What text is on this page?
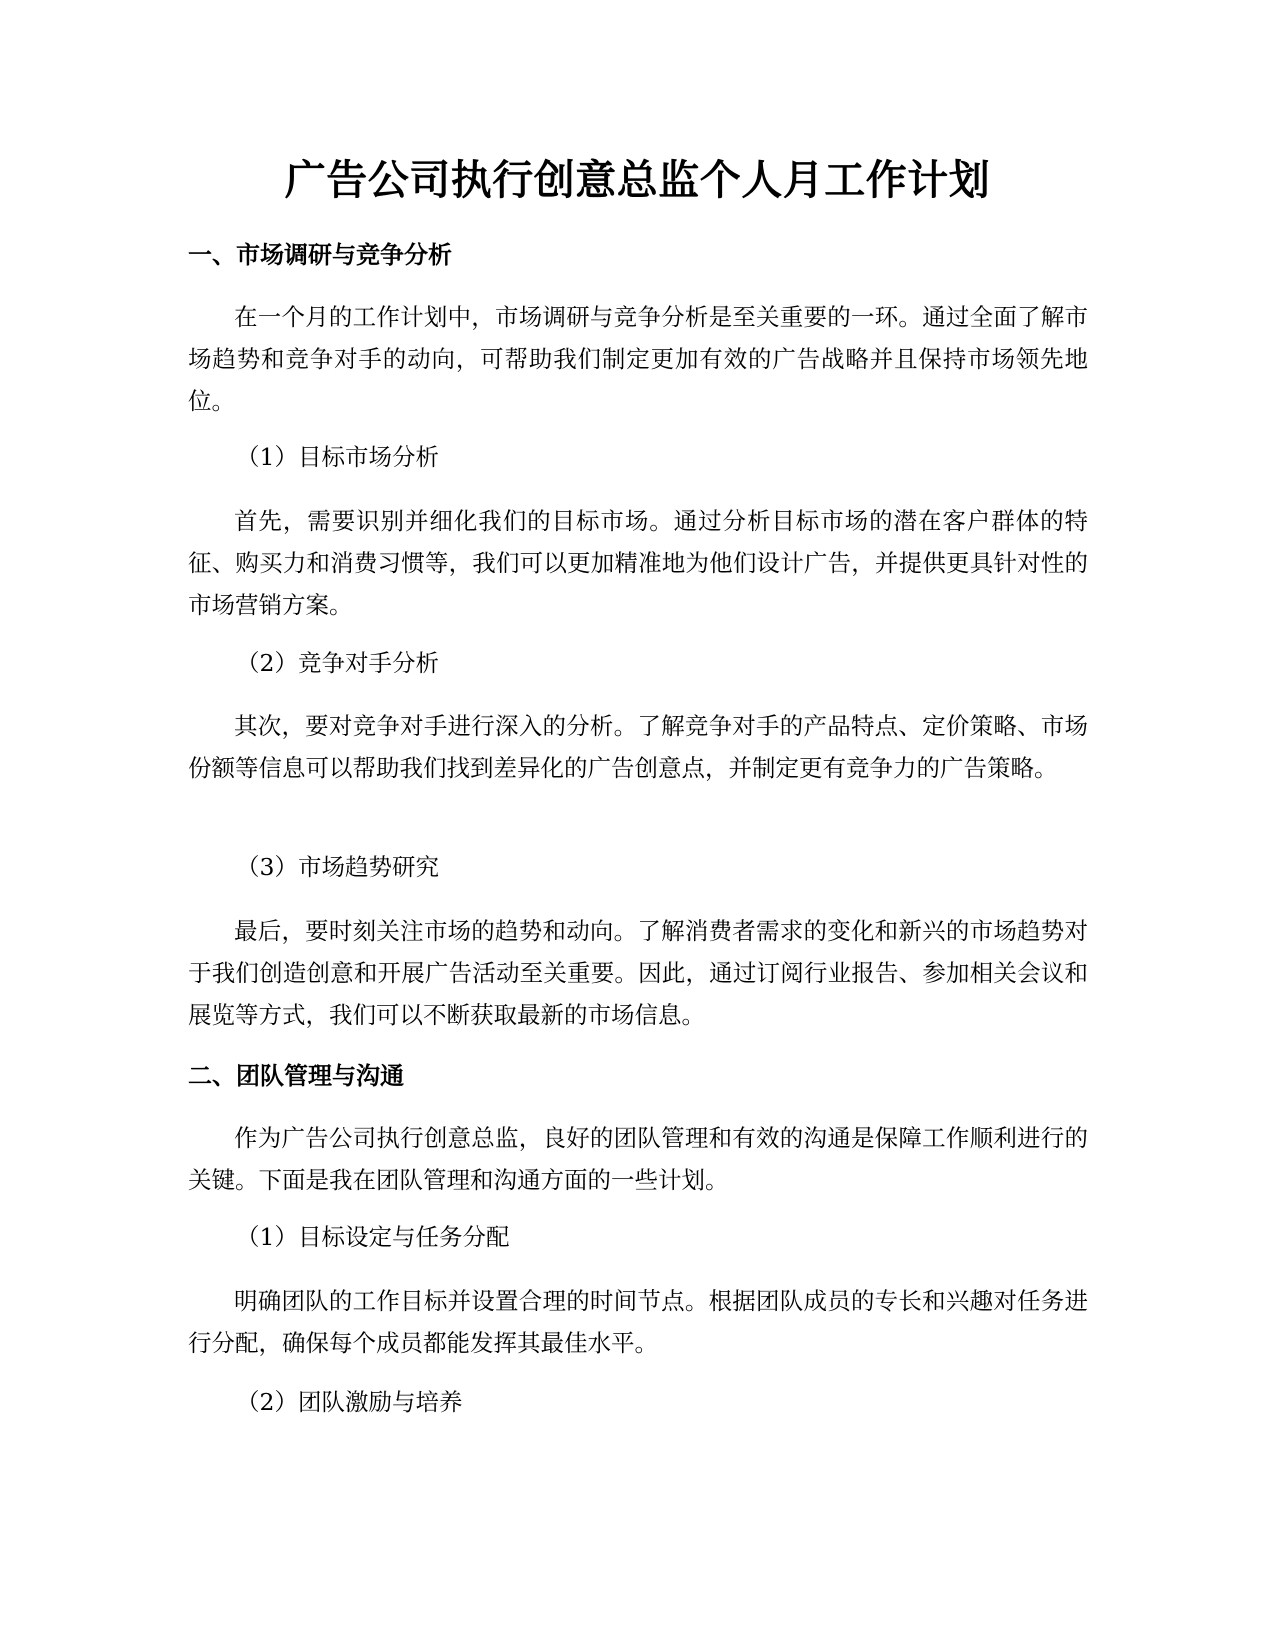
广告公司执行创意总监个人月工作计划
一、市场调研与竞争分析

在一个月的工作计划中，市场调研与竞争分析是至关重要的一环。通过全面了解市场趋势和竞争对手的动向，可帮助我们制定更加有效的广告战略并且保持市场领先地位。

（1）目标市场分析

首先，需要识别并细化我们的目标市场。通过分析目标市场的潜在客户群体的特征、购买力和消费习惯等，我们可以更加精准地为他们设计广告，并提供更具针对性的市场营销方案。

（2）竞争对手分析

其次，要对竞争对手进行深入的分析。了解竞争对手的产品特点、定价策略、市场份额等信息可以帮助我们找到差异化的广告创意点，并制定更有竞争力的广告策略。

（3）市场趋势研究

最后，要时刻关注市场的趋势和动向。了解消费者需求的变化和新兴的市场趋势对于我们创造创意和开展广告活动至关重要。因此，通过订阅行业报告、参加相关会议和展览等方式，我们可以不断获取最新的市场信息。

二、团队管理与沟通

作为广告公司执行创意总监，良好的团队管理和有效的沟通是保障工作顺利进行的关键。下面是我在团队管理和沟通方面的一些计划。

（1）目标设定与任务分配

明确团队的工作目标并设置合理的时间节点。根据团队成员的专长和兴趣对任务进行分配，确保每个成员都能发挥其最佳水平。

（2）团队激励与培养
